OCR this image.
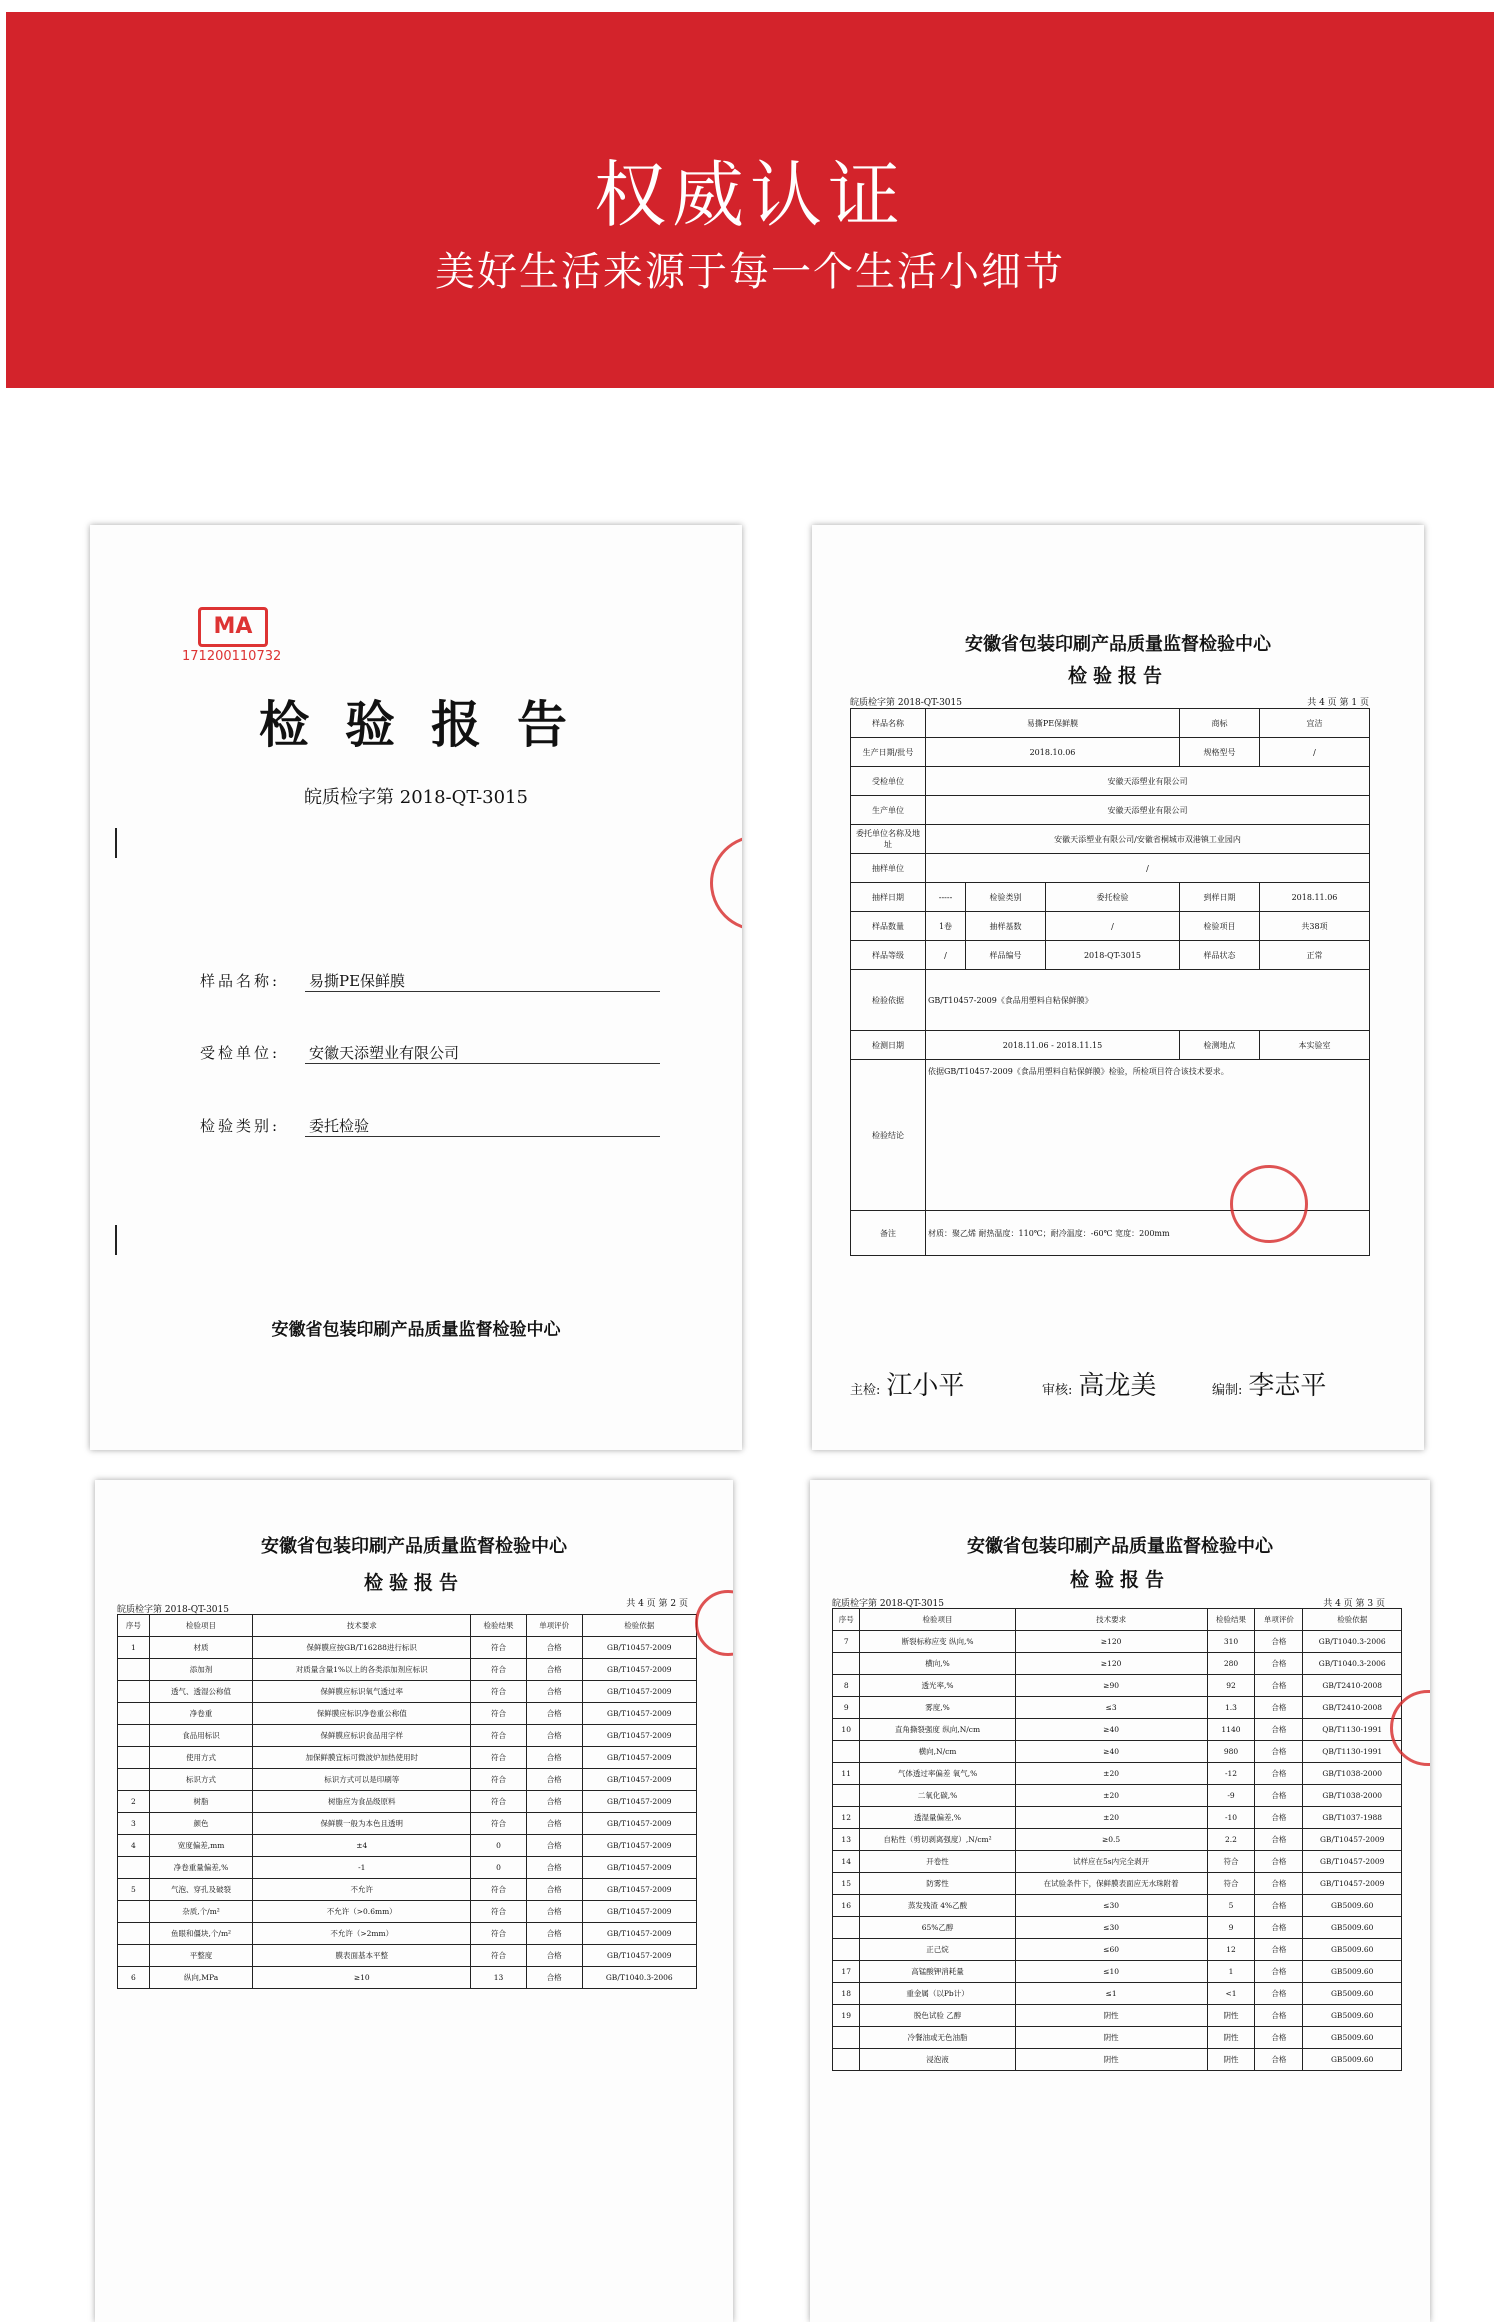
权威认证
美好生活来源于每一个生活小细节
MA
171200110732
检验报告
皖质检字第 2018-QT-3015
样品名称: 易撕PE保鲜膜
受检单位: 安徽天添塑业有限公司
检验类别: 委托检验
安徽省包装印刷产品质量监督检验中心
安徽省包装印刷产品质量监督检验中心
检验报告
皖质检字第 2018-QT-3015	共 4 页 第 1 页
样品名称	易撕PE保鲜膜			商标	宜洁
生产日期/批号	2018.10.06			规格型号	/
受检单位	安徽天添塑业有限公司				
生产单位	安徽天添塑业有限公司				
委托单位名称及地址	安徽天添塑业有限公司/安徽省桐城市双港镇工业园内				
抽样单位	/				
抽样日期	-----	检验类别	委托检验	到样日期	2018.11.06
样品数量	1卷	抽样基数	/	检验项目	共38项
样品等级	/	样品编号	2018-QT-3015	样品状态	正常
检验依据	GB/T10457-2009《食品用塑料自粘保鲜膜》				
检测日期	2018.11.06 - 2018.11.15			检测地点	本实验室
检验结论	依据GB/T10457-2009《食品用塑料自粘保鲜膜》检验，所检项目符合该技术要求。				
备注	材质：聚乙烯 耐热温度：110℃；耐冷温度：-60℃ 宽度：200mm				
主检: 江小平	审核: 高龙美	编制: 李志平
安徽省包装印刷产品质量监督检验中心
检验报告
皖质检字第 2018-QT-3015
共 4 页 第 2 页
序号	检验项目	技术要求	检验结果	单项评价	检验依据
1	材质	保鲜膜应按GB/T16288进行标识	符合	合格	GB/T10457-2009
	添加剂	对质量含量1%以上的各类添加剂应标识	符合	合格	GB/T10457-2009
	透气、透湿公称值	保鲜膜应标识氧气透过率	符合	合格	GB/T10457-2009
	净卷重	保鲜膜应标识净卷重公称值	符合	合格	GB/T10457-2009
	食品用标识	保鲜膜应标识食品用字样	符合	合格	GB/T10457-2009
	使用方式	加保鲜膜宜标可微波炉加热使用时	符合	合格	GB/T10457-2009
	标识方式	标识方式可以是印刷等	符合	合格	GB/T10457-2009
2	树脂	树脂应为食品级原料	符合	合格	GB/T10457-2009
3	颜色	保鲜膜一般为本色且透明	符合	合格	GB/T10457-2009
4	宽度偏差,mm	±4	0	合格	GB/T10457-2009
	净卷重量偏差,%	-1	0	合格	GB/T10457-2009
5	气泡、穿孔及破裂	不允许	符合	合格	GB/T10457-2009
	杂质,个/m²	不允许（>0.6mm）	符合	合格	GB/T10457-2009
	鱼眼和僵块,个/m²	不允许（>2mm）	符合	合格	GB/T10457-2009
	平整度	膜表面基本平整	符合	合格	GB/T10457-2009
6	纵向,MPa	≥10	13	合格	GB/T1040.3-2006
安徽省包装印刷产品质量监督检验中心
检验报告
皖质检字第 2018-QT-3015	共 4 页 第 3 页
序号	检验项目	技术要求	检验结果	单项评价	检验依据
7	断裂标称应变 纵向,%	≥120	310	合格	GB/T1040.3-2006
	横向,%	≥120	280	合格	GB/T1040.3-2006
8	透光率,%	≥90	92	合格	GB/T2410-2008
9	雾度,%	≤3	1.3	合格	GB/T2410-2008
10	直角撕裂强度 纵向,N/cm	≥40	1140	合格	QB/T1130-1991
	横向,N/cm	≥40	980	合格	QB/T1130-1991
11	气体透过率偏差 氧气,%	±20	-12	合格	GB/T1038-2000
	二氧化碳,%	±20	-9	合格	GB/T1038-2000
12	透湿量偏差,%	±20	-10	合格	GB/T1037-1988
13	自粘性（剪切剥离强度）,N/cm²	≥0.5	2.2	合格	GB/T10457-2009
14	开卷性	试样应在5s内完全剥开	符合	合格	GB/T10457-2009
15	防雾性	在试验条件下，保鲜膜表面应无水珠附着	符合	合格	GB/T10457-2009
16	蒸发残渣 4%乙酸	≤30	5	合格	GB5009.60
	65%乙醇	≤30	9	合格	GB5009.60
	正己烷	≤60	12	合格	GB5009.60
17	高锰酸钾消耗量	≤10	1	合格	GB5009.60
18	重金属（以Pb计）	≤1	<1	合格	GB5009.60
19	脱色试验 乙醇	阴性	阴性	合格	GB5009.60
	冷餐油或无色油脂	阴性	阴性	合格	GB5009.60
	浸泡液	阴性	阴性	合格	GB5009.60
